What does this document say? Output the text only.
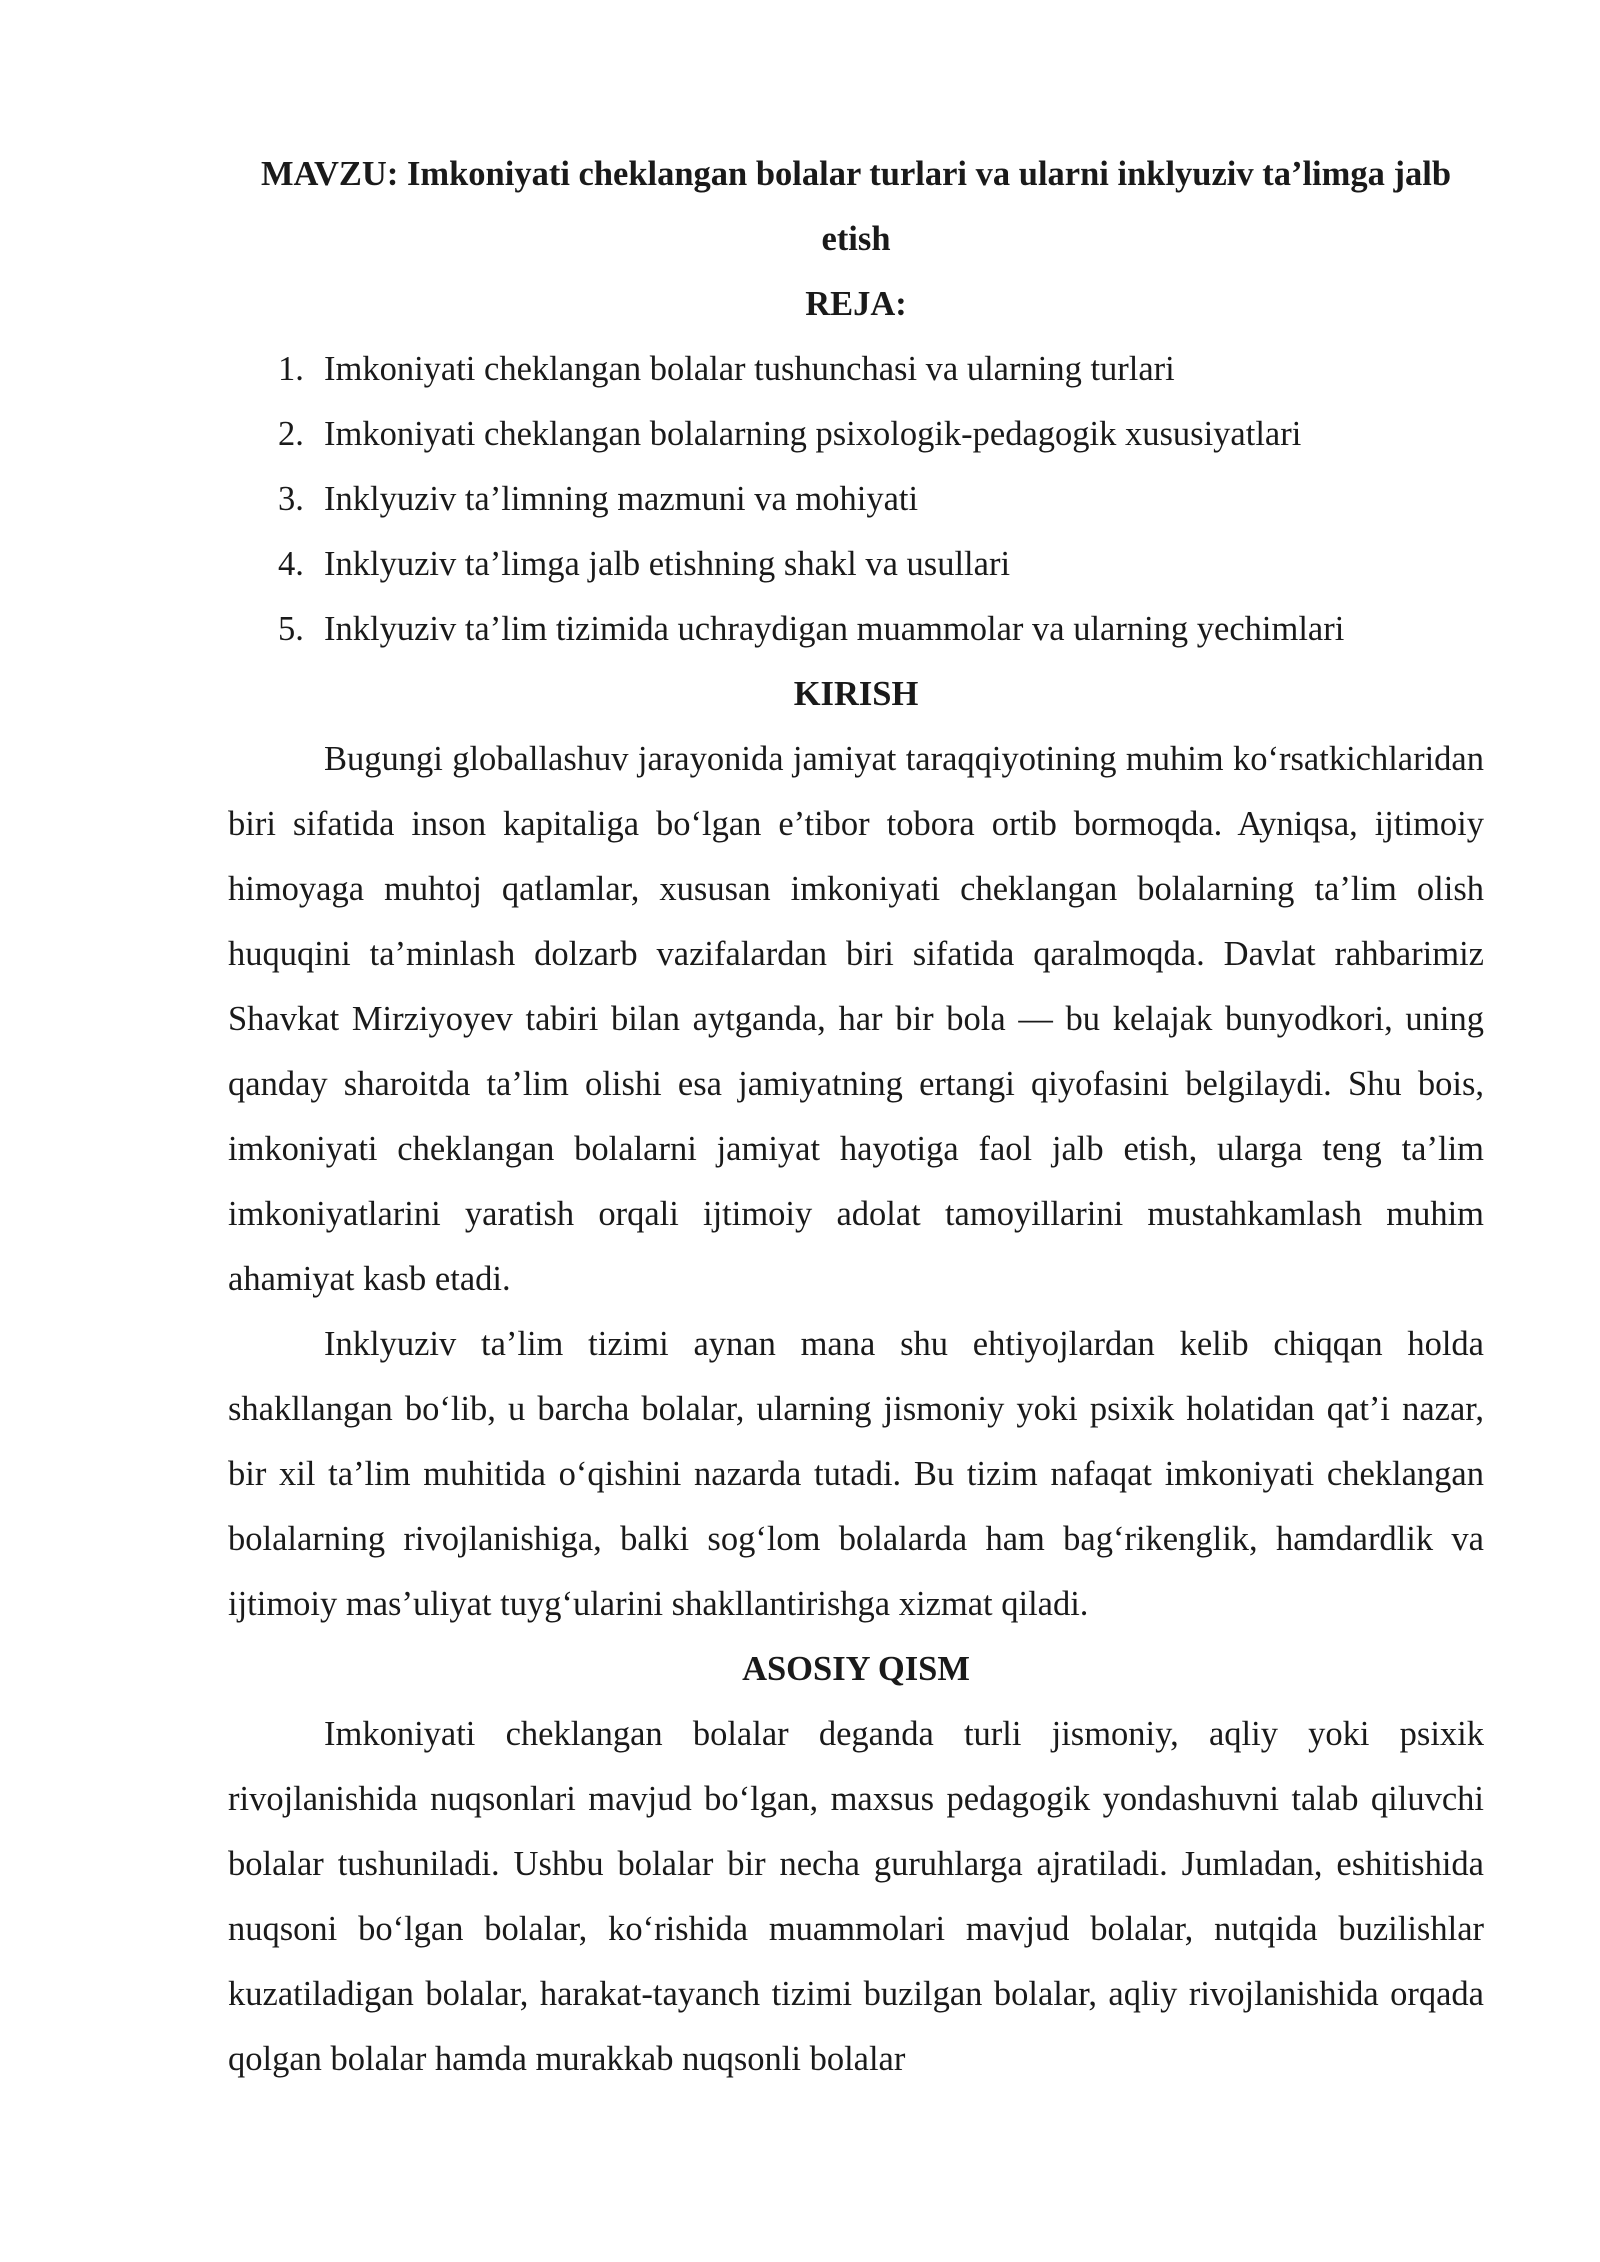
MAVZU: Imkoniyati cheklangan bolalar turlari va ularni inklyuziv ta’limga jalb etish

REJA:

1. Imkoniyati cheklangan bolalar tushunchasi va ularning turlari
2. Imkoniyati cheklangan bolalarning psixologik-pedagogik xususiyatlari
3. Inklyuziv ta’limning mazmuni va mohiyati
4. Inklyuziv ta’limga jalb etishning shakl va usullari
5. Inklyuziv ta’lim tizimida uchraydigan muammolar va ularning yechimlari

KIRISH

Bugungi globallashuv jarayonida jamiyat taraqqiyotining muhim ko‘rsatkichlaridan biri sifatida inson kapitaliga bo‘lgan e’tibor tobora ortib bormoqda. Ayniqsa, ijtimoiy himoyaga muhtoj qatlamlar, xususan imkoniyati cheklangan bolalarning ta’lim olish huquqini ta’minlash dolzarb vazifalardan biri sifatida qaralmoqda. Davlat rahbarimiz Shavkat Mirziyoyev tabiri bilan aytganda, har bir bola — bu kelajak bunyodkori, uning qanday sharoitda ta’lim olishi esa jamiyatning ertangi qiyofasini belgilaydi. Shu bois, imkoniyati cheklangan bolalarni jamiyat hayotiga faol jalb etish, ularga teng ta’lim imkoniyatlarini yaratish orqali ijtimoiy adolat tamoyillarini mustahkamlash muhim ahamiyat kasb etadi.

Inklyuziv ta’lim tizimi aynan mana shu ehtiyojlardan kelib chiqqan holda shakllangan bo‘lib, u barcha bolalar, ularning jismoniy yoki psixik holatidan qat’i nazar, bir xil ta’lim muhitida o‘qishini nazarda tutadi. Bu tizim nafaqat imkoniyati cheklangan bolalarning rivojlanishiga, balki sog‘lom bolalarda ham bag‘rikenglik, hamdardlik va ijtimoiy mas’uliyat tuyg‘ularini shakllantirishga xizmat qiladi.

ASOSIY QISM

Imkoniyati cheklangan bolalar deganda turli jismoniy, aqliy yoki psixik rivojlanishida nuqsonlari mavjud bo‘lgan, maxsus pedagogik yondashuvni talab qiluvchi bolalar tushuniladi. Ushbu bolalar bir necha guruhlarga ajratiladi. Jumladan, eshitishida nuqsoni bo‘lgan bolalar, ko‘rishida muammolari mavjud bolalar, nutqida buzilishlar kuzatiladigan bolalar, harakat-tayanch tizimi buzilgan bolalar, aqliy rivojlanishida orqada qolgan bolalar hamda murakkab nuqsonli bolalar
